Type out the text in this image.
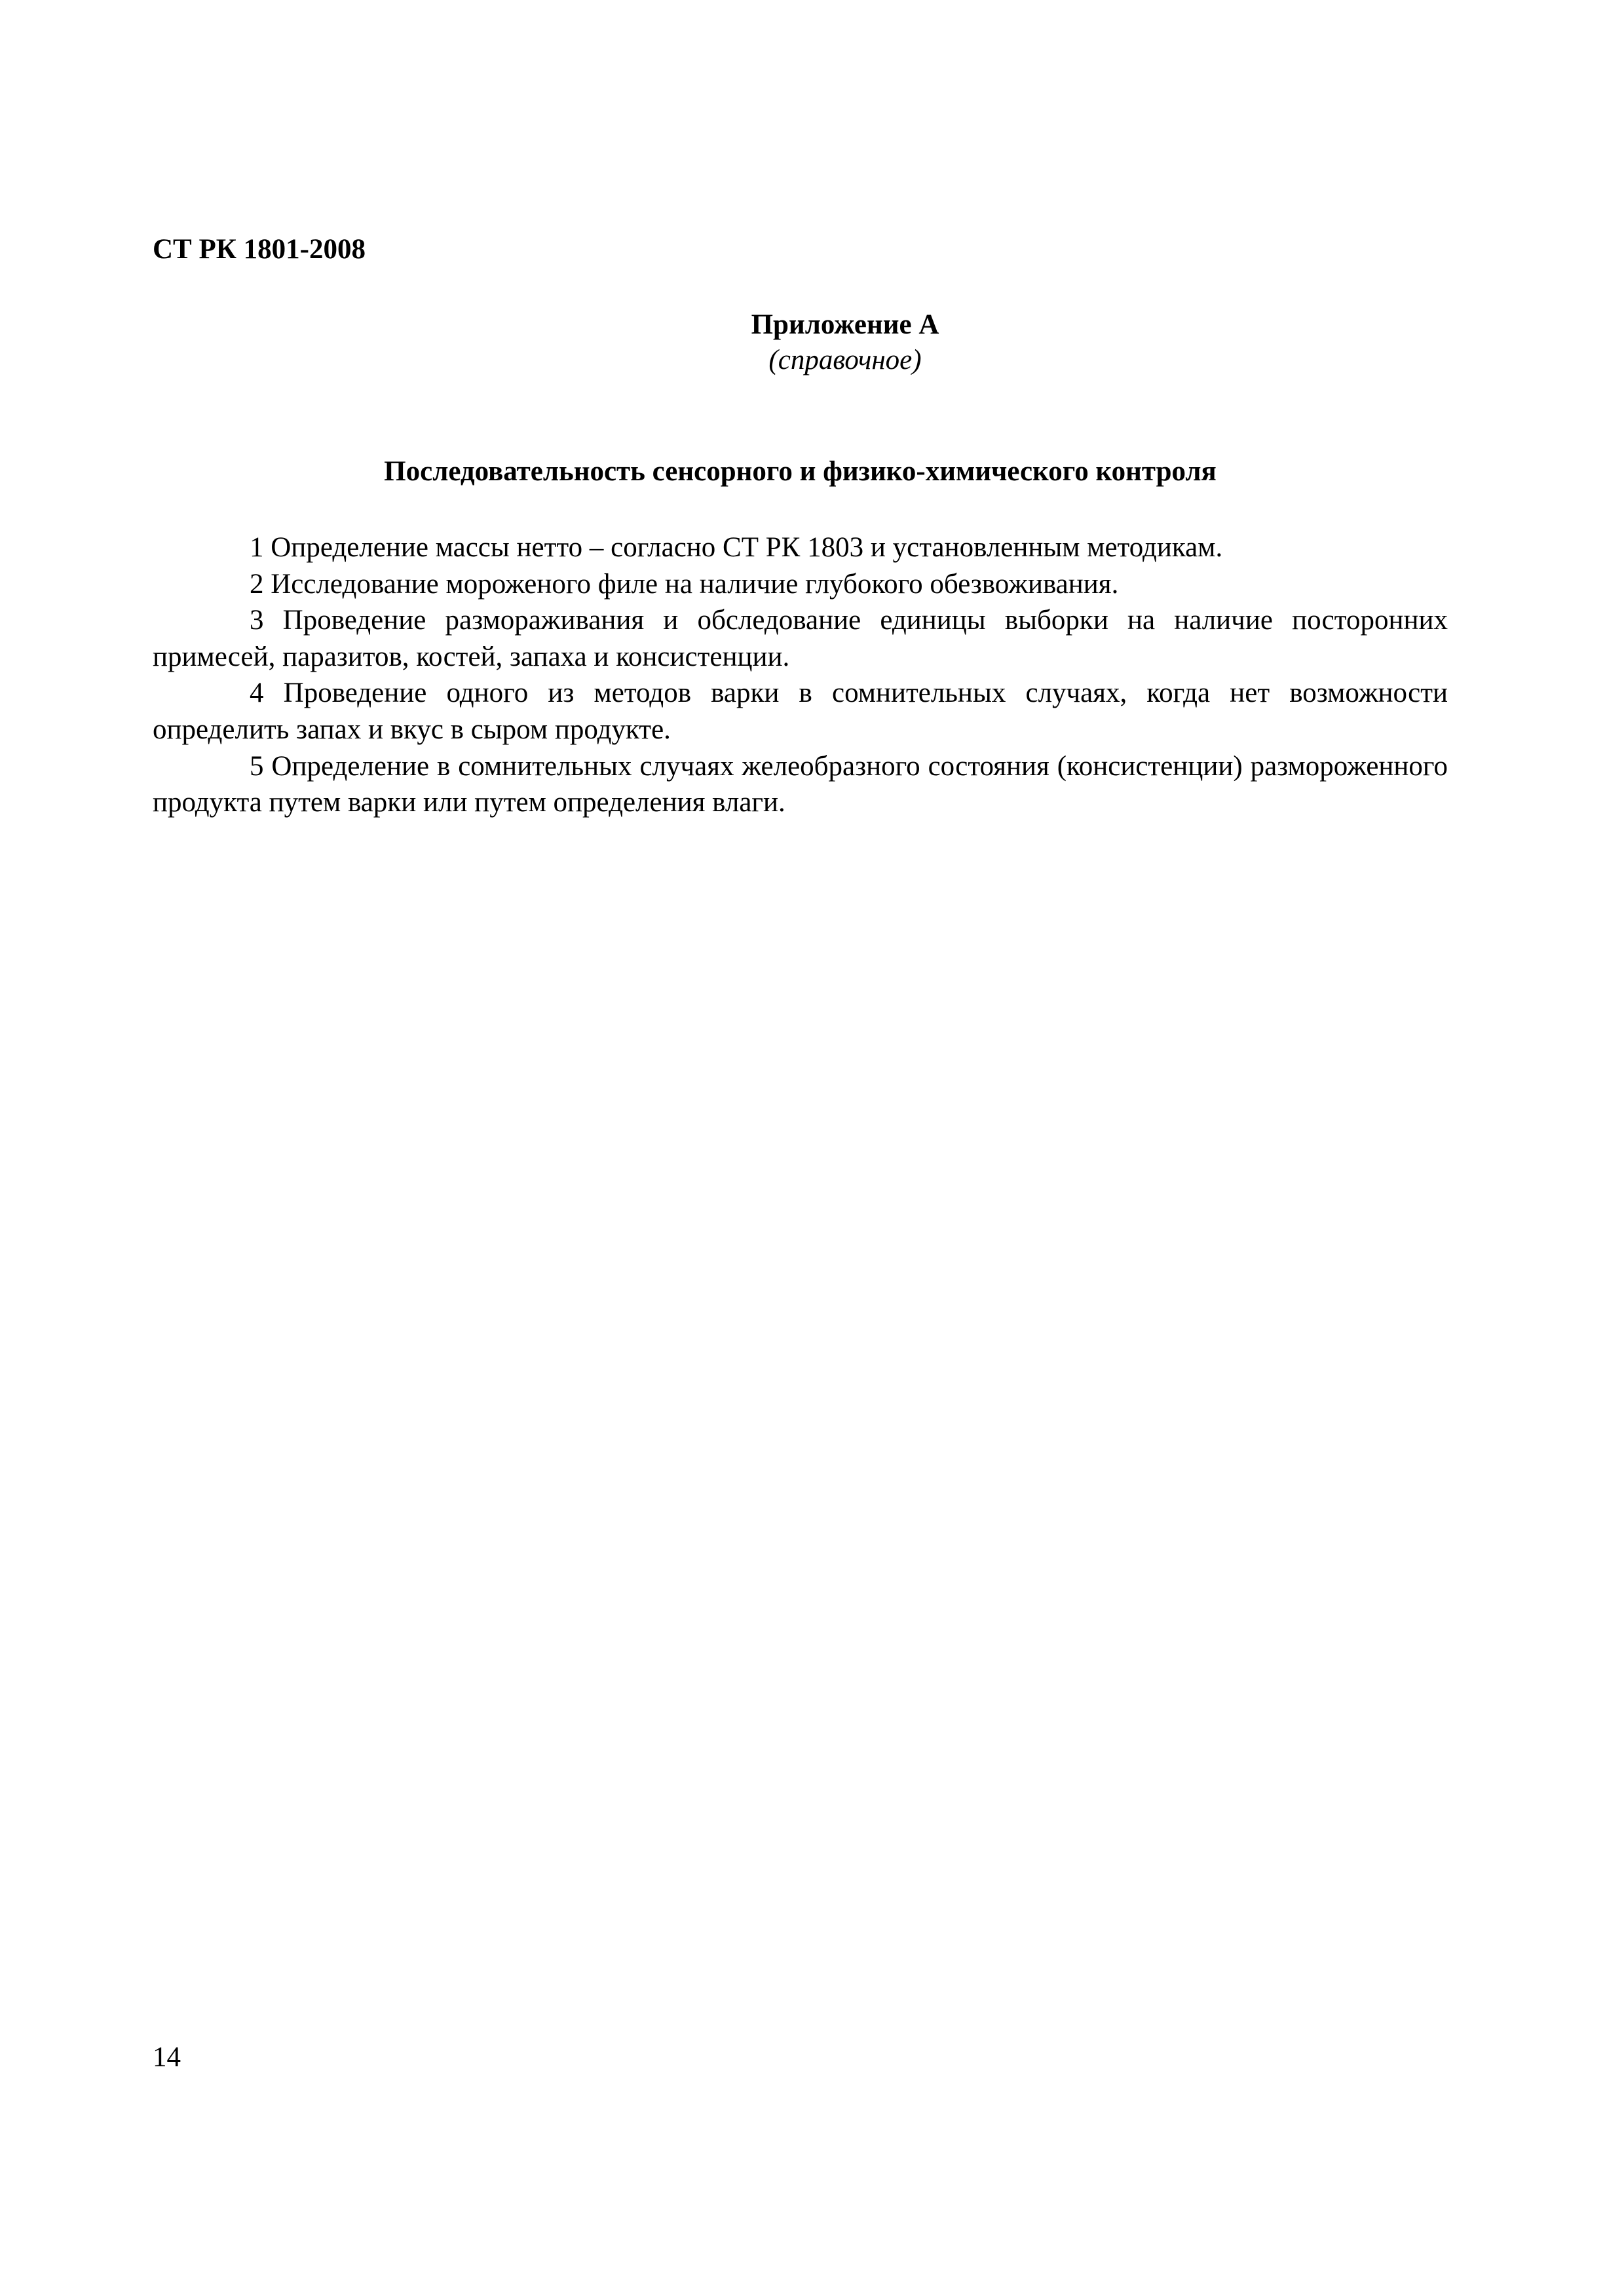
СТ РК 1801-2008
Приложение А
(справочное)
Последовательность сенсорного и физико-химического контроля

1 Определение массы нетто – согласно СТ РК 1803 и установленным методикам.

2 Исследование мороженого филе на наличие глубокого обезвоживания.

3 Проведение размораживания и обследование единицы выборки на наличие посторонних примесей, паразитов, костей, запаха и консистенции.

4 Проведение одного из методов варки в сомнительных случаях, когда нет возможности определить запах и вкус в сыром продукте.

5 Определение в сомнительных случаях желеобразного состояния (консистенции) размороженного продукта путем варки или путем определения влаги.

14
